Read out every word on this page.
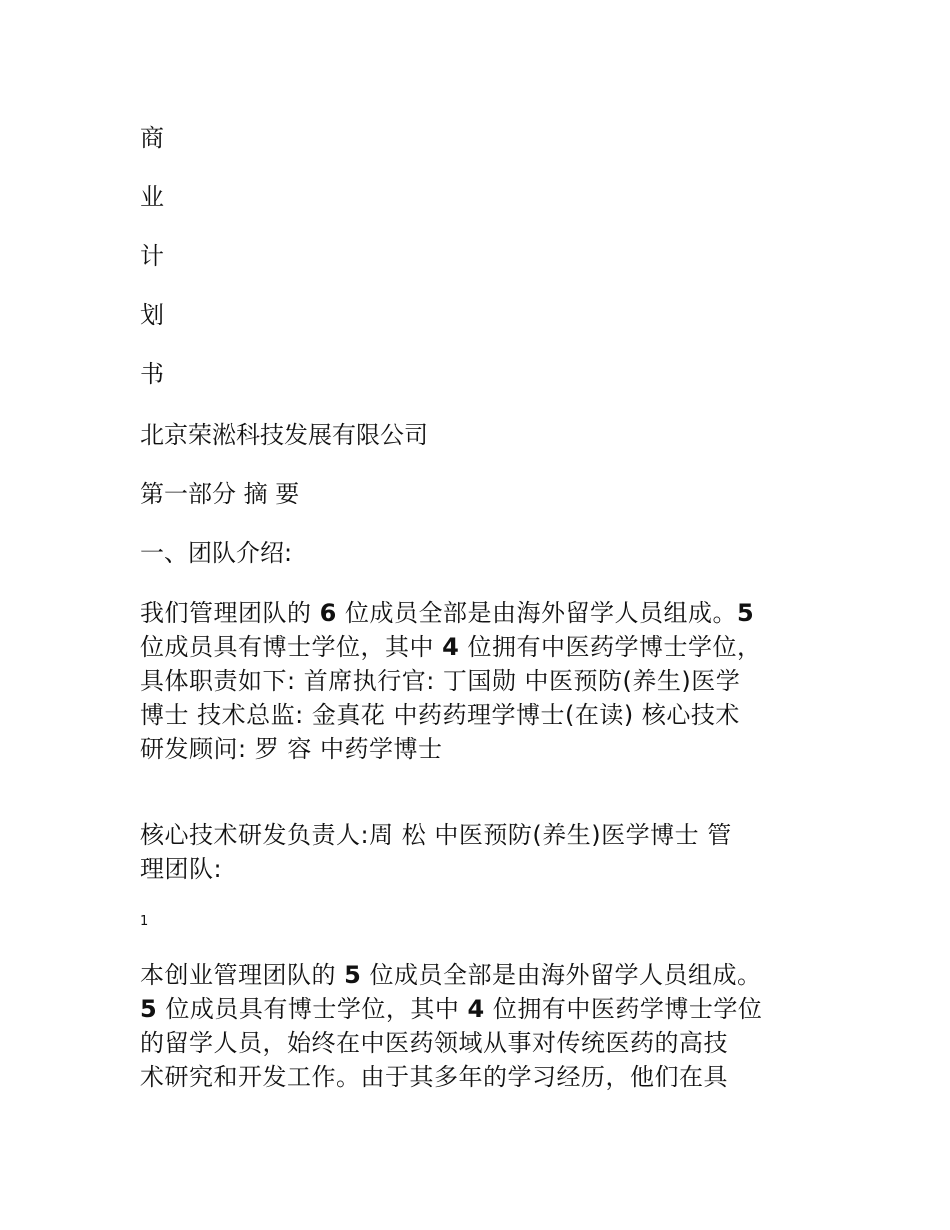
商

业

计

划

书

北京荣淞科技发展有限公司

第一部分 摘 要

一、团队介绍:

我们管理团队的 6 位成员全部是由海外留学人员组成。5
位成员具有博士学位，其中 4 位拥有中医药学博士学位，
具体职责如下: 首席执行官: 丁国勋 中医预防(养生)医学
博士 技术总监: 金真花 中药药理学博士(在读) 核心技术
研发顾问: 罗 容 中药学博士
核心技术研发负责人:周 松 中医预防(养生)医学博士 管
理团队:
1
本创业管理团队的 5 位成员全部是由海外留学人员组成。
5 位成员具有博士学位，其中 4 位拥有中医药学博士学位
的留学人员，始终在中医药领域从事对传统医药的高技
术研究和开发工作。由于其多年的学习经历，他们在具
